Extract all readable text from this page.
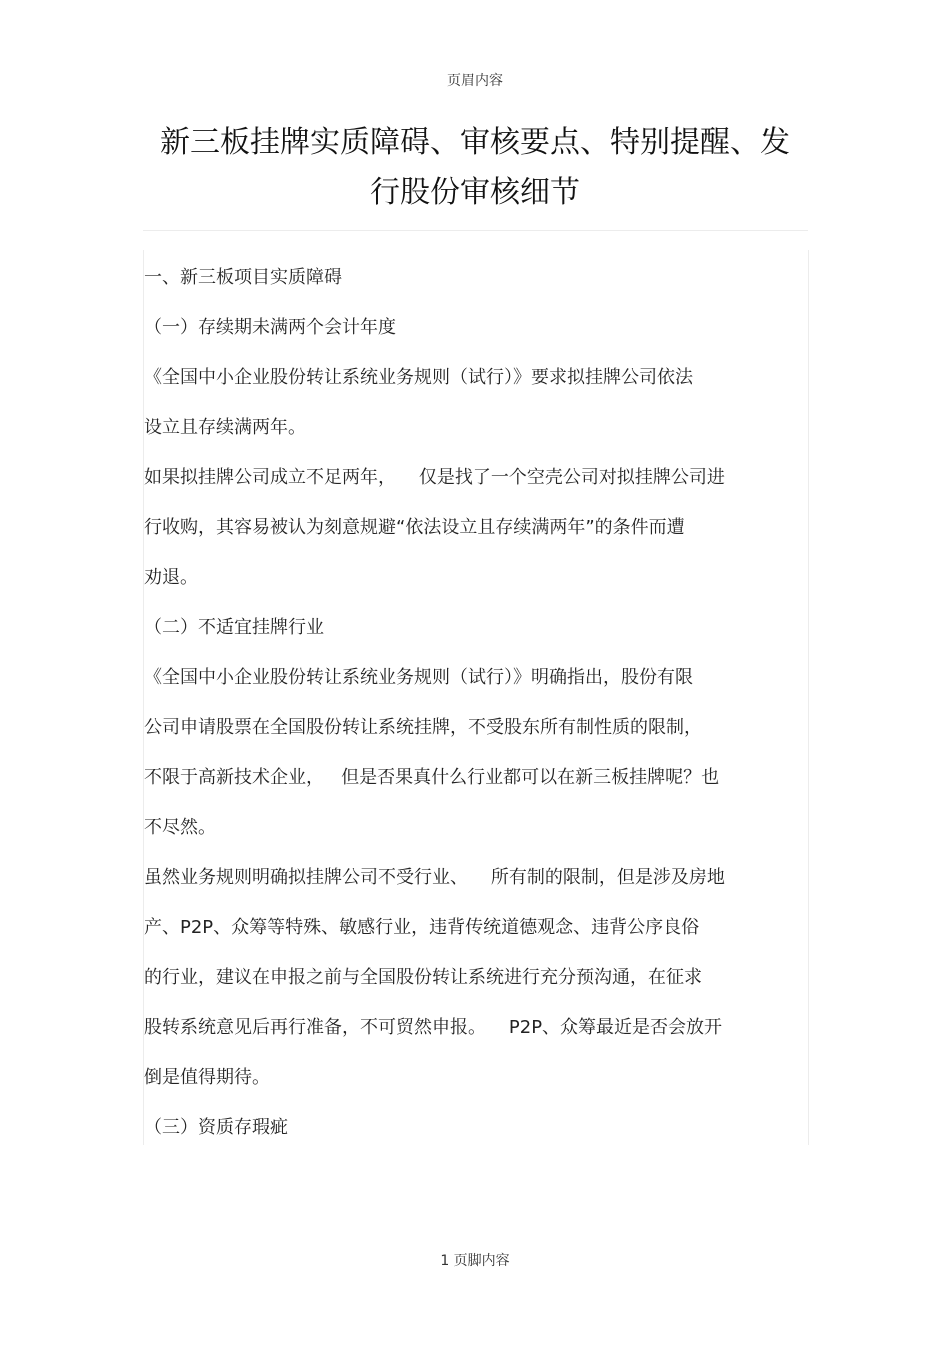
页眉内容
新三板挂牌实质障碍、审核要点、特别提醒、发
行股份审核细节

一、新三板项目实质障碍

（一）存续期未满两个会计年度

《全国中小企业股份转让系统业务规则（试行）》要求拟挂牌公司依法

设立且存续满两年。

如果拟挂牌公司成立不足两年，    仅是找了一个空壳公司对拟挂牌公司进

行收购，其容易被认为刻意规避“依法设立且存续满两年”的条件而遭

劝退。

（二）不适宜挂牌行业

《全国中小企业股份转让系统业务规则（试行）》明确指出，股份有限

公司申请股票在全国股份转让系统挂牌，不受股东所有制性质的限制，

不限于高新技术企业，   但是否果真什么行业都可以在新三板挂牌呢？也

不尽然。

虽然业务规则明确拟挂牌公司不受行业、    所有制的限制，但是涉及房地

产、P2P、众筹等特殊、敏感行业，违背传统道德观念、违背公序良俗

的行业，建议在申报之前与全国股份转让系统进行充分预沟通，在征求

股转系统意见后再行准备，不可贸然申报。    P2P、众筹最近是否会放开

倒是值得期待。

（三）资质存瑕疵

1 页脚内容
